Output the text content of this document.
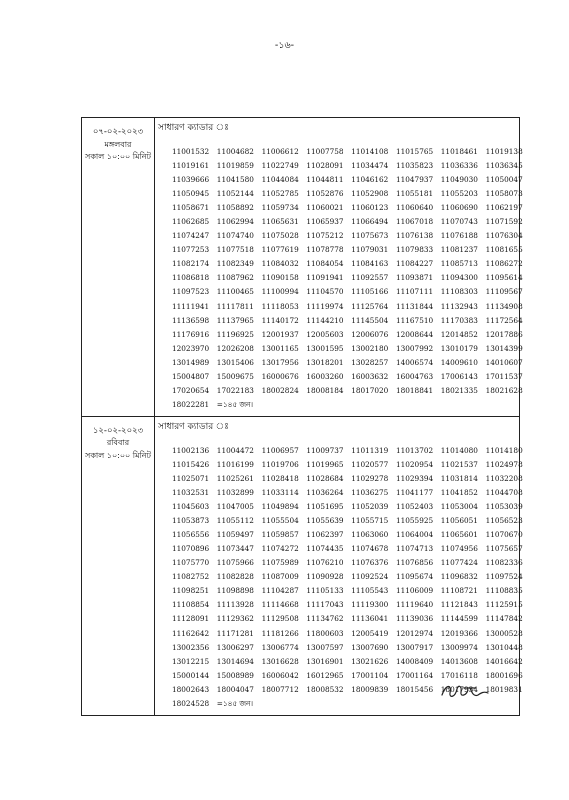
-১৬-
০৭-০২-২০২৩
মঙ্গলবার
সকাল ১০:০০ মিনিট
সাধারণ ক্যাডার ঃ
11001532	11004682	11006612	11007758	11014108	11015765	11018461	11019138
11019161	11019859	11022749	11028091	11034474	11035823	11036336	11036345
11039666	11041580	11044084	11044811	11046162	11047937	11049030	11050047
11050945	11052144	11052785	11052876	11052908	11055181	11055203	11058073
11058671	11058892	11059734	11060021	11060123	11060640	11060690	11062197
11062685	11062994	11065631	11065937	11066494	11067018	11070743	11071592
11074247	11074740	11075028	11075212	11075673	11076138	11076188	11076304
11077253	11077518	11077619	11078778	11079031	11079833	11081237	11081655
11082174	11082349	11084032	11084054	11084163	11084227	11085713	11086272
11086818	11087962	11090158	11091941	11092557	11093871	11094300	11095614
11097523	11100465	11100994	11104570	11105166	11107111	11108303	11109567
11111941	11117811	11118053	11119974	11125764	11131844	11132943	11134908
11136598	11137965	11140172	11144210	11145504	11167510	11170383	11172564
11176916	11196925	12001937	12005603	12006076	12008644	12014852	12017886
12023970	12026208	13001165	13001595	13002180	13007992	13010179	13014399
13014989	13015406	13017956	13018201	13028257	14006574	14009610	14010607
15004807	15009675	16000676	16003260	16003632	16004763	17006143	17011537
17020654	17022183	18002824	18008184	18017020	18018841	18021335	18021628
18022281	=১৪৫ জন।
১২-০২-২০২৩
রবিবার
সকাল ১০:০০ মিনিট
সাধারণ ক্যাডার ঃ
11002136	11004472	11006957	11009737	11011319	11013702	11014080	11014180
11015426	11016199	11019706	11019965	11020577	11020954	11021537	11024978
11025071	11025261	11028418	11028684	11029278	11029394	11031814	11032208
11032531	11032899	11033114	11036264	11036275	11041177	11041852	11044708
11045603	11047005	11049894	11051695	11052039	11052403	11053004	11053039
11053873	11055112	11055504	11055639	11055715	11055925	11056051	11056523
11056556	11059497	11059857	11062397	11063060	11064004	11065601	11070670
11070896	11073447	11074272	11074435	11074678	11074713	11074956	11075657
11075770	11075966	11075989	11076210	11076376	11076856	11077424	11082336
11082752	11082828	11087009	11090928	11092524	11095674	11096832	11097524
11098251	11098898	11104287	11105133	11105543	11106009	11108721	11108835
11108854	11113928	11114668	11117043	11119300	11119640	11121843	11125915
11128091	11129362	11129508	11134762	11136041	11139036	11144599	11147842
11162642	11171281	11181266	11800603	12005419	12012974	12019366	13000528
13002356	13006297	13006774	13007597	13007690	13007917	13009974	13010448
13012215	13014694	13016628	13016901	13021626	14008409	14013608	14016642
15000144	15008989	16006042	16012965	17001104	17001164	17016118	18001696
18002643	18004047	18007712	18008532	18009839	18015456	18017934	18019831
18024528	=১৪৫ জন।
